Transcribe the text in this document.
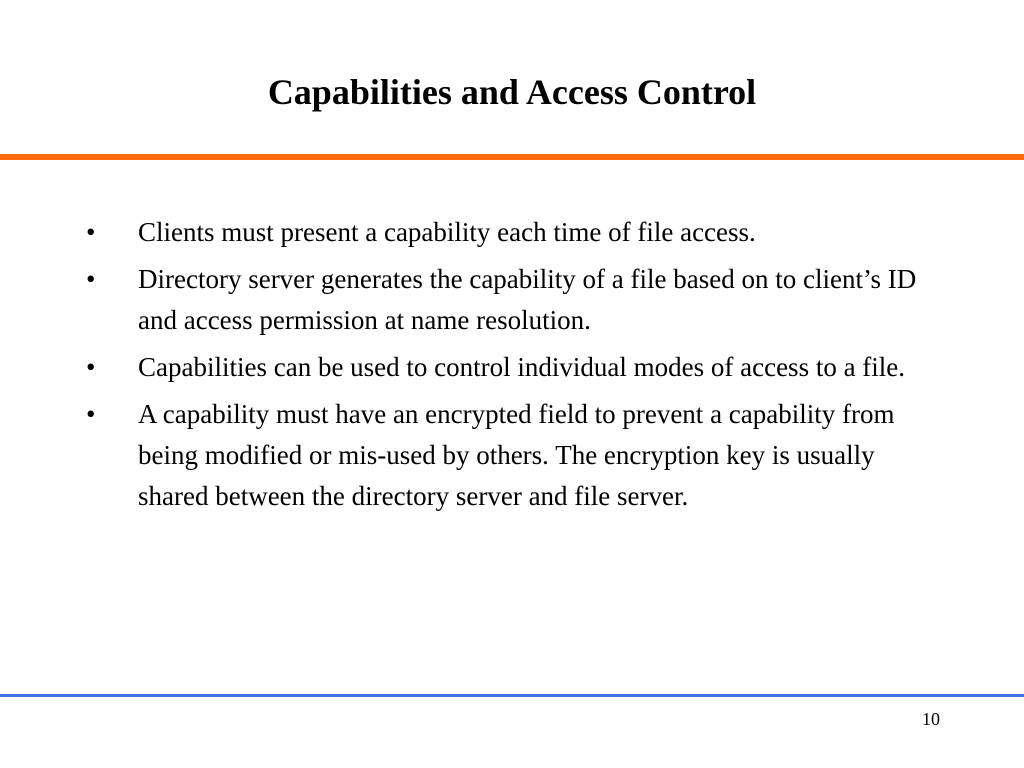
Capabilities and Access Control
•	Clients must present a capability each time of file access.
•	Directory server generates the capability of a file based on to client’s ID and access permission at name resolution.
•	Capabilities can be used to control individual modes of access to a file.
•	A capability must have an encrypted field to prevent a capability from being modified or mis-used by others. The encryption key is usually shared between the directory server and file server.
10
